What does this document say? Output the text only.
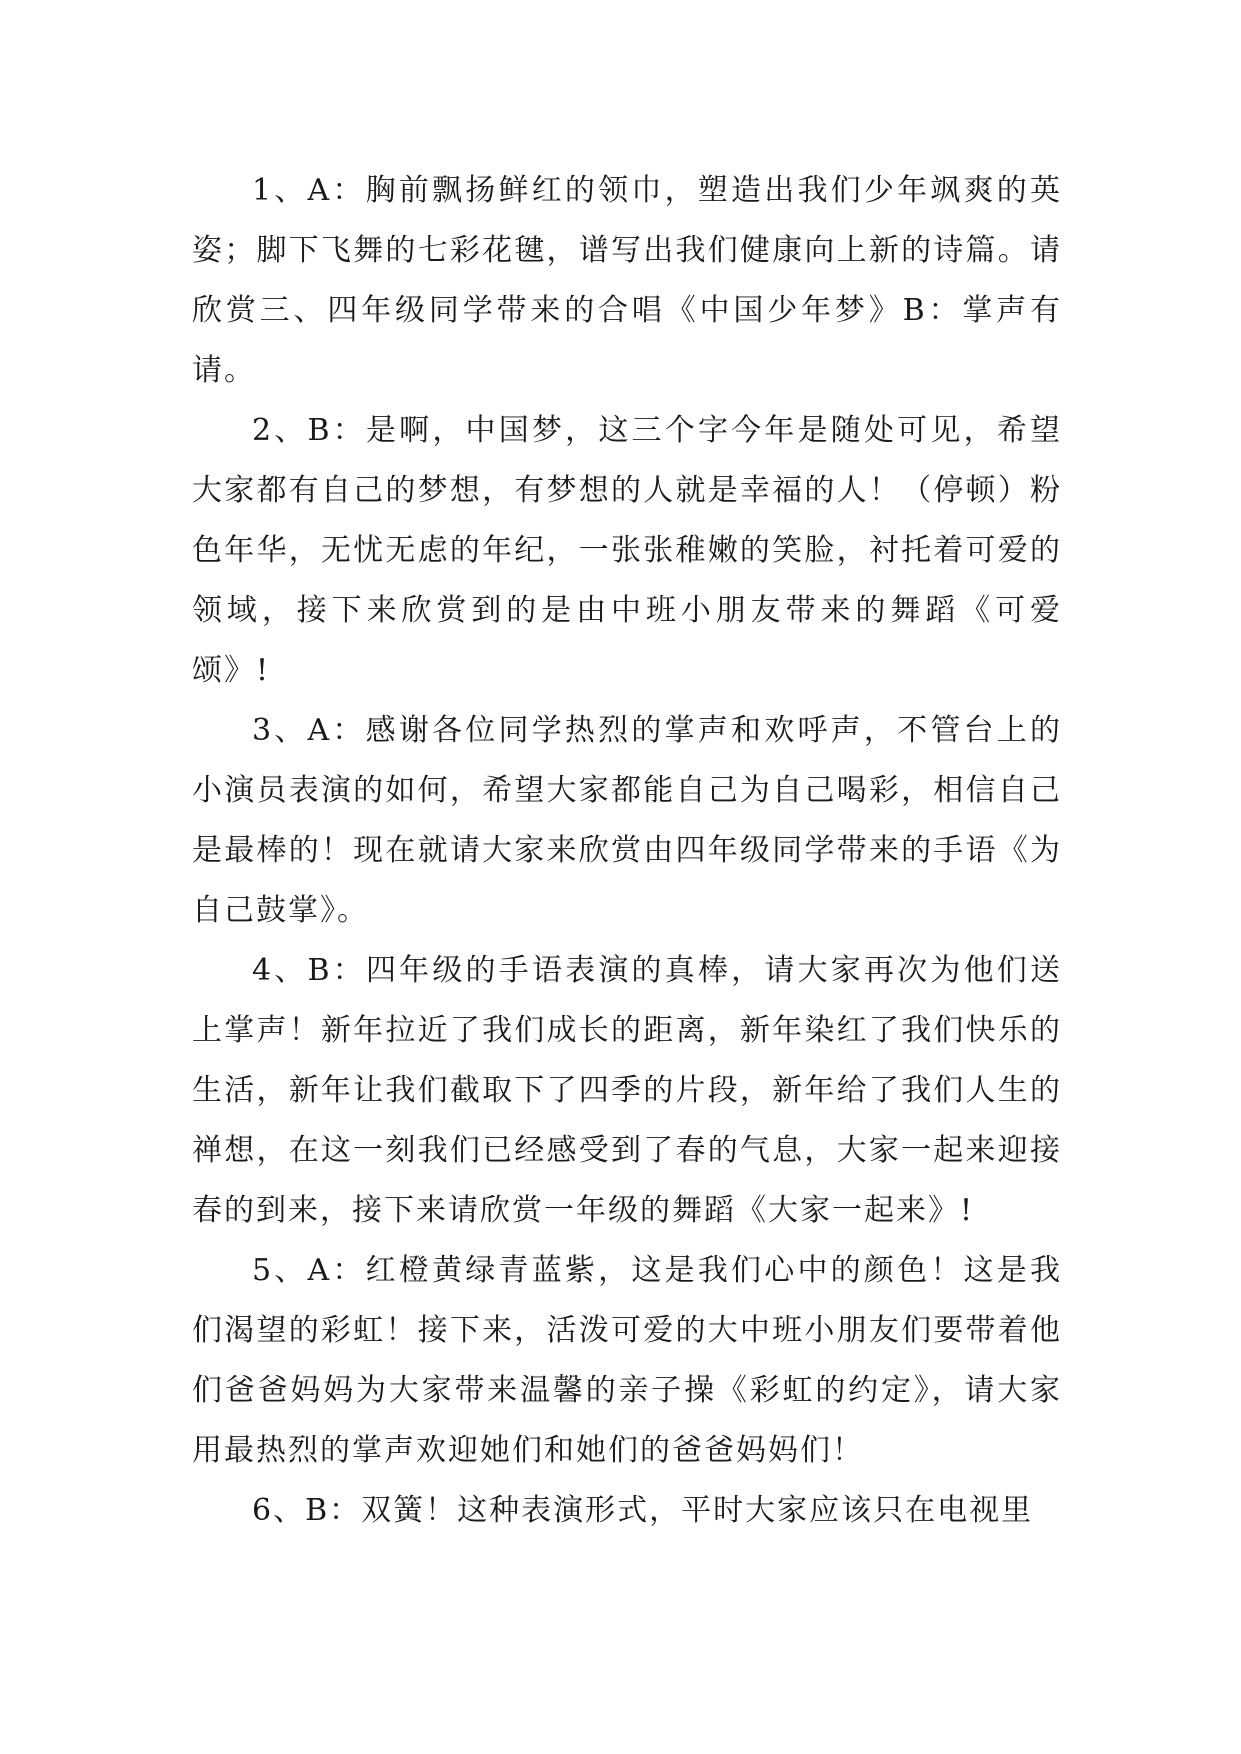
1、A：胸前飘扬鲜红的领巾，塑造出我们少年飒爽的英姿；脚下飞舞的七彩花毽，谱写出我们健康向上新的诗篇。请欣赏三、四年级同学带来的合唱《中国少年梦》B：掌声有请。

2、B：是啊，中国梦，这三个字今年是随处可见，希望大家都有自己的梦想，有梦想的人就是幸福的人！（停顿）粉色年华，无忧无虑的年纪，一张张稚嫩的笑脸，衬托着可爱的领域，接下来欣赏到的是由中班小朋友带来的舞蹈《可爱颂》!

3、A：感谢各位同学热烈的掌声和欢呼声，不管台上的小演员表演的如何，希望大家都能自己为自己喝彩，相信自己是最棒的！现在就请大家来欣赏由四年级同学带来的手语《为自己鼓掌》。

4、B：四年级的手语表演的真棒，请大家再次为他们送上掌声！新年拉近了我们成长的距离，新年染红了我们快乐的生活，新年让我们截取下了四季的片段，新年给了我们人生的禅想，在这一刻我们已经感受到了春的气息，大家一起来迎接春的到来，接下来请欣赏一年级的舞蹈《大家一起来》!

5、A：红橙黄绿青蓝紫，这是我们心中的颜色！这是我们渴望的彩虹！接下来，活泼可爱的大中班小朋友们要带着他们爸爸妈妈为大家带来温馨的亲子操《彩虹的约定》，请大家用最热烈的掌声欢迎她们和她们的爸爸妈妈们！

6、B：双簧！这种表演形式，平时大家应该只在电视里
